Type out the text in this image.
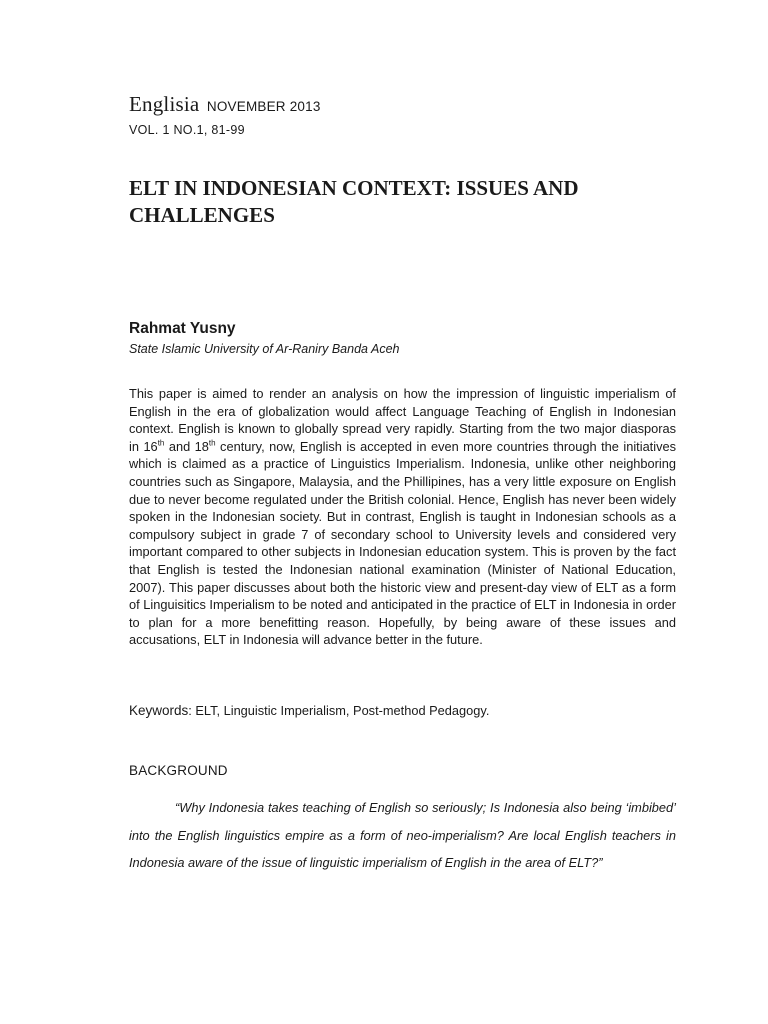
Englisia NOVEMBER 2013
VOL. 1 NO.1, 81-99
ELT IN INDONESIAN CONTEXT: ISSUES AND CHALLENGES
Rahmat Yusny
State Islamic University of Ar-Raniry Banda Aceh

This paper is aimed to render an analysis on how the impression of linguistic imperialism of English in the era of globalization would affect Language Teaching of English in Indonesian context. English is known to globally spread very rapidly. Starting from the two major diasporas in 16th and 18th century, now, English is accepted in even more countries through the initiatives which is claimed as a practice of Linguistics Imperialism. Indonesia, unlike other neighboring countries such as Singapore, Malaysia, and the Phillipines, has a very little exposure on English due to never become regulated under the British colonial. Hence, English has never been widely spoken in the Indonesian society. But in contrast, English is taught in Indonesian schools as a compulsory subject in grade 7 of secondary school to University levels and considered very important compared to other subjects in Indonesian education system. This is proven by the fact that English is tested the Indonesian national examination (Minister of National Education, 2007). This paper discusses about both the historic view and present-day view of ELT as a form of Linguisitics Imperialism to be noted and anticipated in the practice of ELT in Indonesia in order to plan for a more benefitting reason. Hopefully, by being aware of these issues and accusations, ELT in Indonesia will advance better in the future.

Keywords: ELT, Linguistic Imperialism, Post-method Pedagogy.
BACKGROUND

“Why Indonesia takes teaching of English so seriously; Is Indonesia also being ‘imbibed’ into the English linguistics empire as a form of neo-imperialism? Are local English teachers in Indonesia aware of the issue of linguistic imperialism of English in the area of ELT?”
